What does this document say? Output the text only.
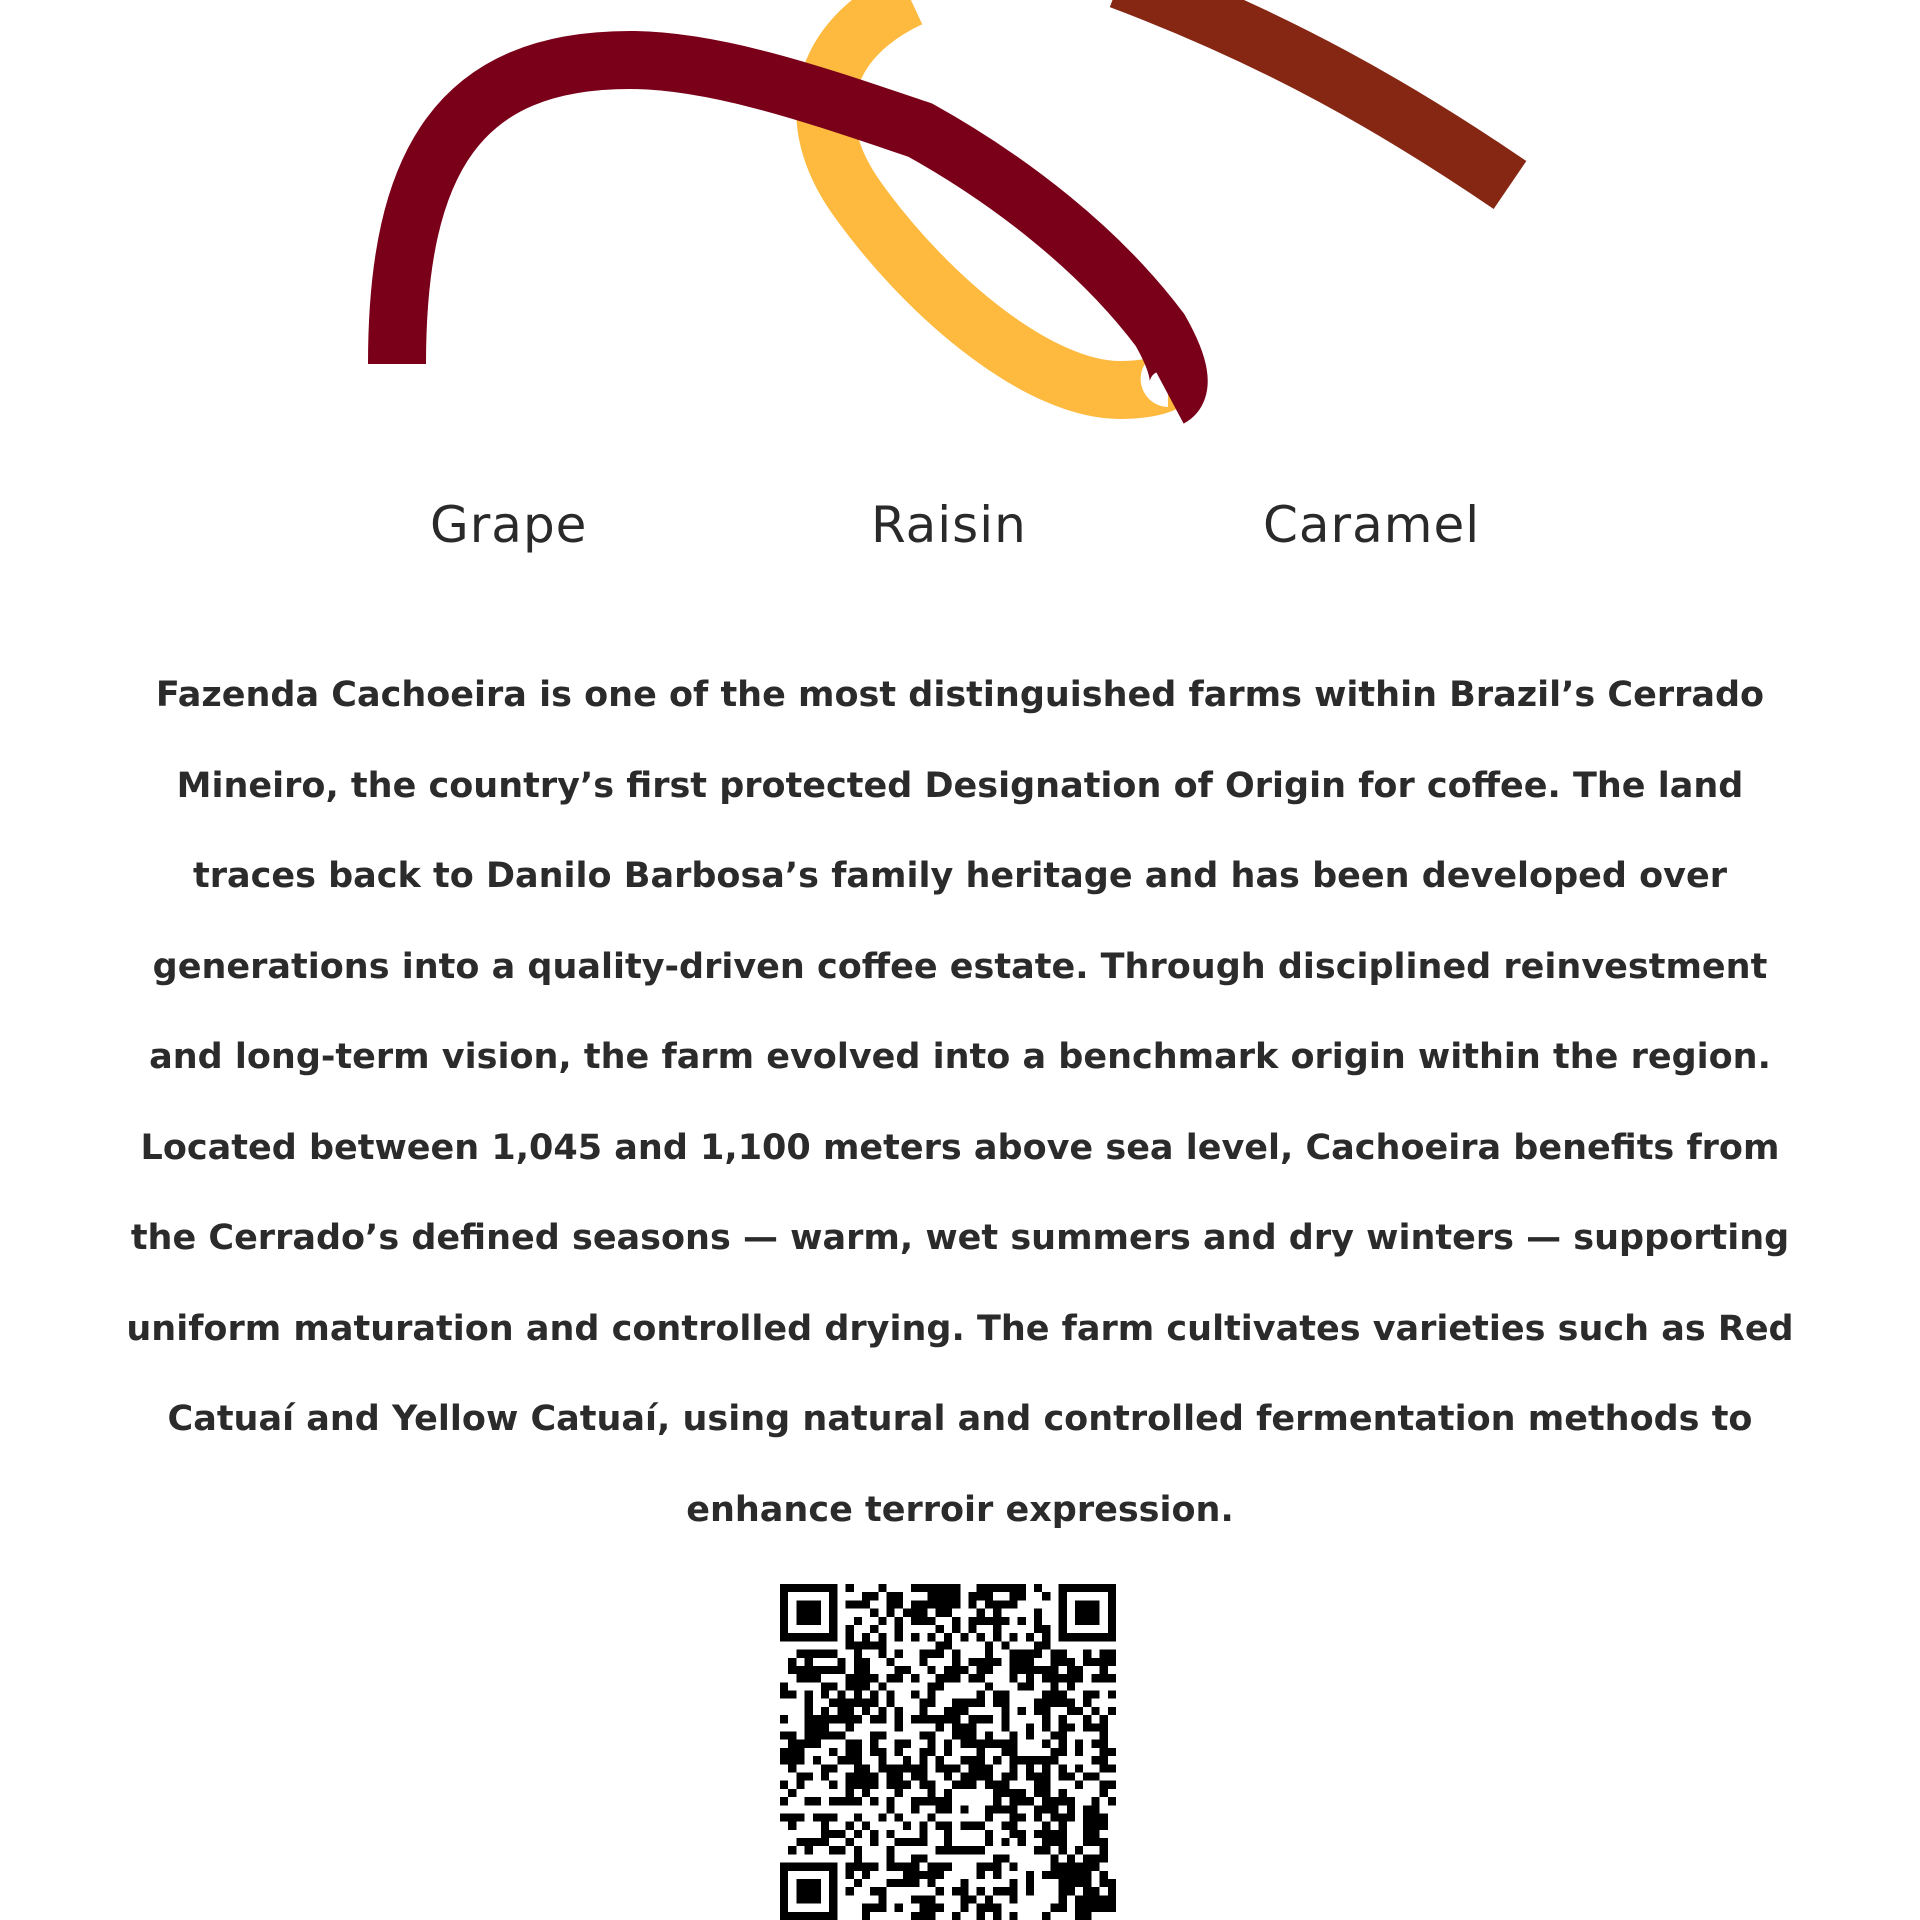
Grape	Raisin	Caramel

Fazenda Cachoeira is one of the most distinguished farms within Brazil’s Cerrado Mineiro, the country’s first protected Designation of Origin for coffee. The land traces back to Danilo Barbosa’s family heritage and has been developed over generations into a quality-driven coffee estate. Through disciplined reinvestment and long-term vision, the farm evolved into a benchmark origin within the region.

Located between 1,045 and 1,100 meters above sea level, Cachoeira benefits from the Cerrado’s defined seasons — warm, wet summers and dry winters — supporting uniform maturation and controlled drying. The farm cultivates varieties such as Red Catuaí and Yellow Catuaí, using natural and controlled fermentation methods to enhance terroir expression.
